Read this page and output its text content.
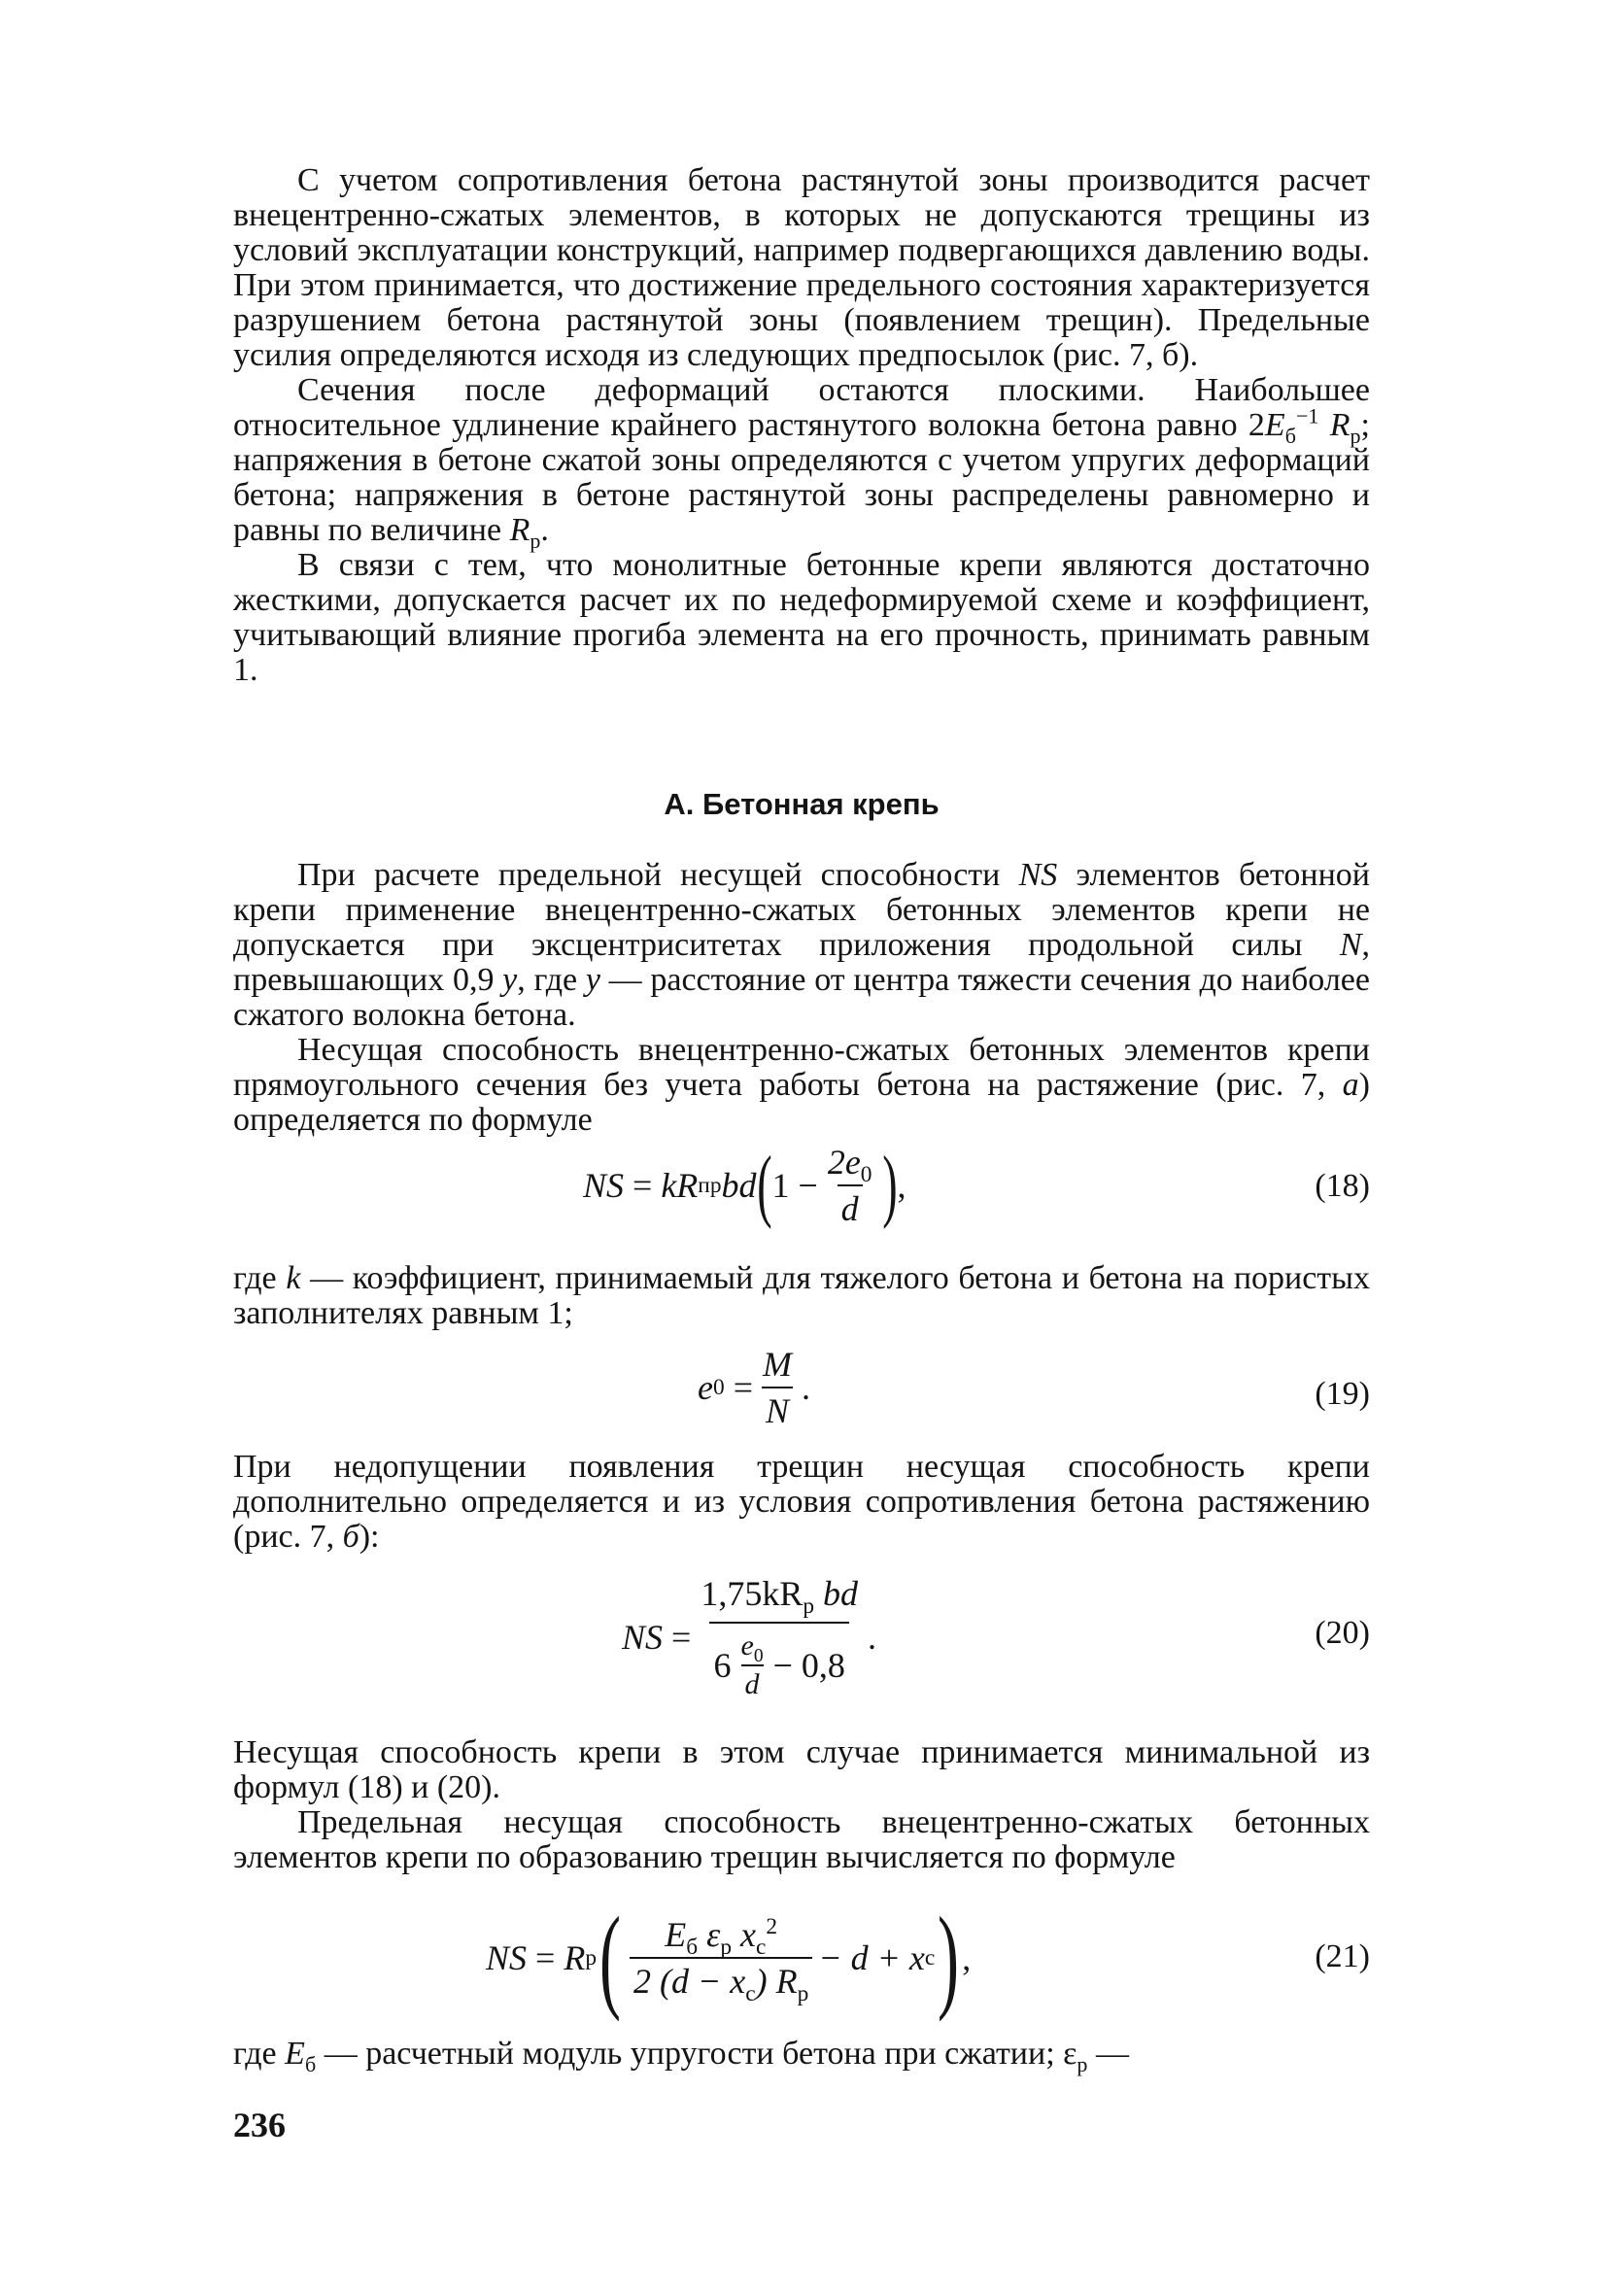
С учетом сопротивления бетона растянутой зоны производится расчет внецентренно-сжатых элементов, в которых не допускаются трещины из условий эксплуатации конструкций, например подвергающихся давлению воды. При этом принимается, что достижение предельного состояния характеризуется разрушением бетона растянутой зоны (появлением трещин). Предельные усилия определяются исходя из следующих предпосылок (рис. 7, б).

Сечения после деформаций остаются плоскими. Наибольшее относительное удлинение крайнего растянутого волокна бетона равно $2E_б^{-1}$ $R_р$; напряжения в бетоне сжатой зоны определяются с учетом упругих деформаций бетона; напряжения в бетоне растянутой зоны распределены равномерно и равны по величине $R_р$.

В связи с тем, что монолитные бетонные крепи являются достаточно жесткими, допускается расчет их по недеформируемой схеме и коэффициент, учитывающий влияние прогиба элемента на его прочность, принимать равным 1.

А. Бетонная крепь

При расчете предельной несущей способности NS элементов бетонной крепи применение внецентренно-сжатых бетонных элементов крепи не допускается при эксцентриситетах приложения продольной силы N, превышающих 0,9 y, где y — расстояние от центра тяжести сечения до наиболее сжатого волокна бетона.

Несущая способность внецентренно-сжатых бетонных элементов крепи прямоугольного сечения без учета работы бетона на растяжение (рис. 7, а) определяется по формуле

NS
=
kR пр bd ( $1 - \frac{2e_0}{d}$ ) ,	(18)

где k — коэффициент, принимаемый для тяжелого бетона и бетона на пористых заполнителях равным 1;

e 0
= $\frac{M}{N}$ .	(19)

При недопущении появления трещин несущая способность крепи дополнительно определяется и из условия сопротивления бетона растяжению (рис. 7, б):

NS
=
$1,75kR_р$ bd
$6 \frac{e_0}{d} - 0,8$
.	(20)

Несущая способность крепи в этом случае принимается минимальной из формул (18) и (20).

Предельная несущая способность внецентренно-сжатых бетонных элементов крепи по образованию трещин вычисляется по формуле

NS
=
R р ( $\frac{E_б \varepsilon_р x_c^2}{2 (d - x_c) R_р} - d + x$ c ) ,	(21)

где $E_б$ — расчетный модуль упругости бетона при сжатии; $\varepsilon_р$ —

236
